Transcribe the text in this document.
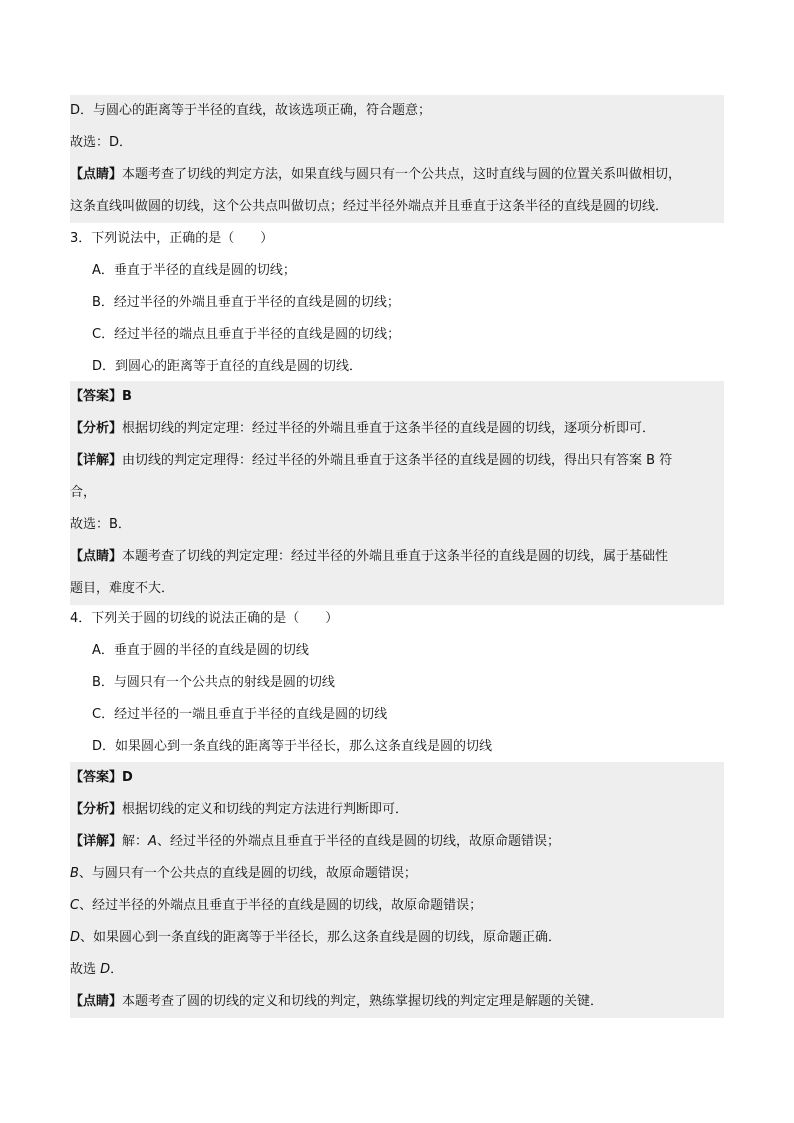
D．与圆心的距离等于半径的直线，故该选项正确，符合题意；
故选：D．
【点睛】本题考查了切线的判定方法，如果直线与圆只有一个公共点，这时直线与圆的位置关系叫做相切，
这条直线叫做圆的切线，这个公共点叫做切点；经过半径外端点并且垂直于这条半径的直线是圆的切线．
3．下列说法中，正确的是（　　）
A．垂直于半径的直线是圆的切线；
B．经过半径的外端且垂直于半径的直线是圆的切线；
C．经过半径的端点且垂直于半径的直线是圆的切线；
D．到圆心的距离等于直径的直线是圆的切线．
【答案】B
【分析】根据切线的判定定理：经过半径的外端且垂直于这条半径的直线是圆的切线，逐项分析即可．
【详解】由切线的判定定理得：经过半径的外端且垂直于这条半径的直线是圆的切线，得出只有答案 B 符
合，
故选：B．
【点睛】本题考查了切线的判定定理：经过半径的外端且垂直于这条半径的直线是圆的切线，属于基础性
题目，难度不大．
4．下列关于圆的切线的说法正确的是（　　）
A．垂直于圆的半径的直线是圆的切线
B．与圆只有一个公共点的射线是圆的切线
C．经过半径的一端且垂直于半径的直线是圆的切线
D．如果圆心到一条直线的距离等于半径长，那么这条直线是圆的切线
【答案】D
【分析】根据切线的定义和切线的判定方法进行判断即可．
【详解】解：A、经过半径的外端点且垂直于半径的直线是圆的切线，故原命题错误；
B、与圆只有一个公共点的直线是圆的切线，故原命题错误；
C、经过半径的外端点且垂直于半径的直线是圆的切线，故原命题错误；
D、如果圆心到一条直线的距离等于半径长，那么这条直线是圆的切线，原命题正确．
故选 D．
【点睛】本题考查了圆的切线的定义和切线的判定，熟练掌握切线的判定定理是解题的关键．
